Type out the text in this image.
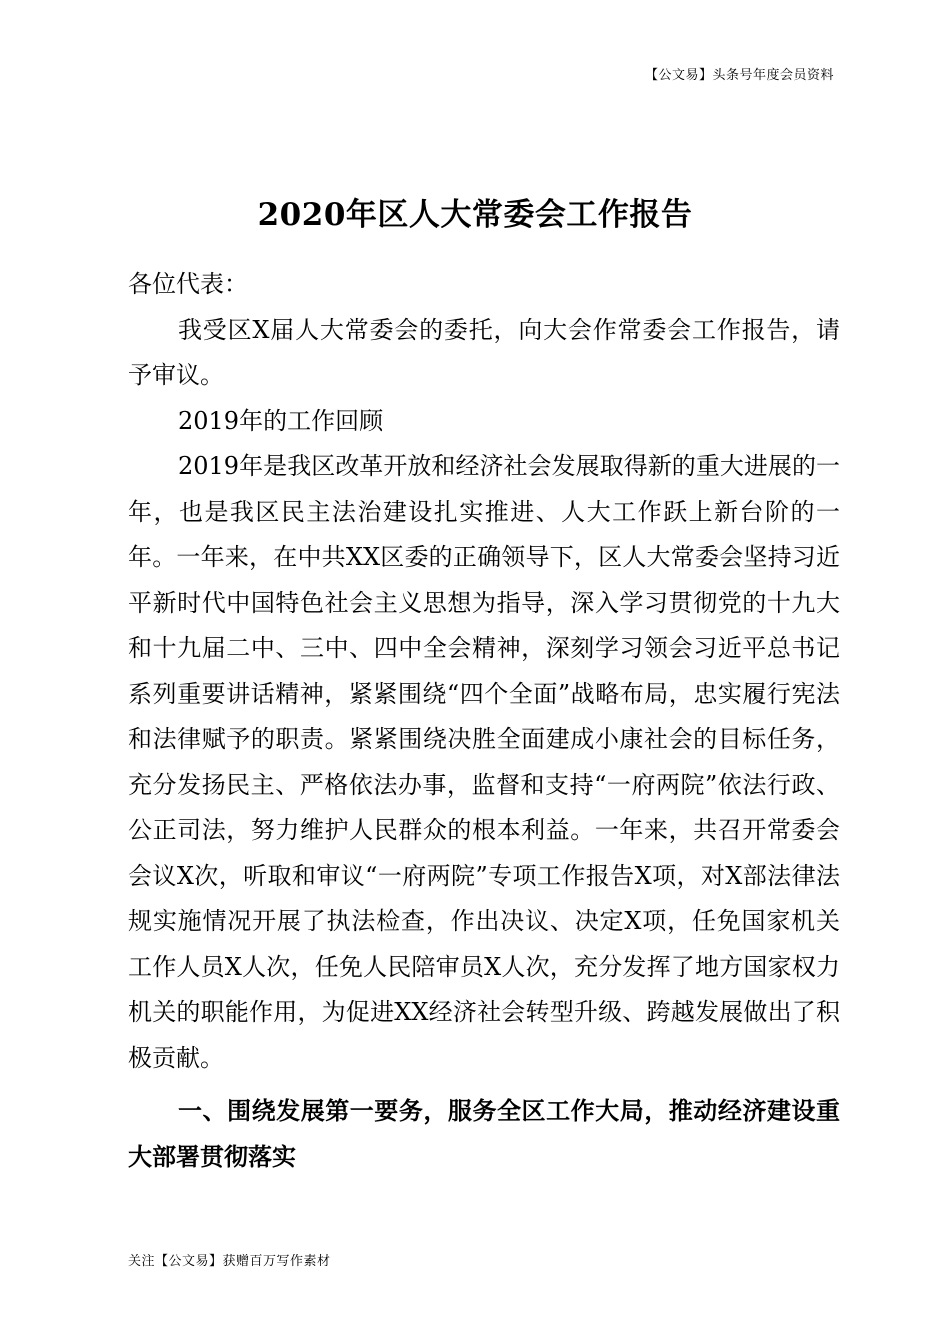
【公文易】头条号年度会员资料
2020年区人大常委会工作报告

各位代表：

我受区X届人大常委会的委托，向大会作常委会工作报告，请予审议。

2019年的工作回顾

2019年是我区改革开放和经济社会发展取得新的重大进展的一年，也是我区民主法治建设扎实推进、人大工作跃上新台阶的一年。一年来，在中共XX区委的正确领导下，区人大常委会坚持习近平新时代中国特色社会主义思想为指导，深入学习贯彻党的十九大和十九届二中、三中、四中全会精神，深刻学习领会习近平总书记系列重要讲话精神，紧紧围绕“四个全面”战略布局，忠实履行宪法和法律赋予的职责。紧紧围绕决胜全面建成小康社会的目标任务，充分发扬民主、严格依法办事，监督和支持“一府两院”依法行政、公正司法，努力维护人民群众的根本利益。一年来，共召开常委会会议X次，听取和审议“一府两院”专项工作报告X项，对X部法律法规实施情况开展了执法检查，作出决议、决定X项，任免国家机关工作人员X人次，任免人民陪审员X人次，充分发挥了地方国家权力机关的职能作用，为促进XX经济社会转型升级、跨越发展做出了积极贡献。

一、围绕发展第一要务，服务全区工作大局，推动经济建设重大部署贯彻落实

关注【公文易】获赠百万写作素材
